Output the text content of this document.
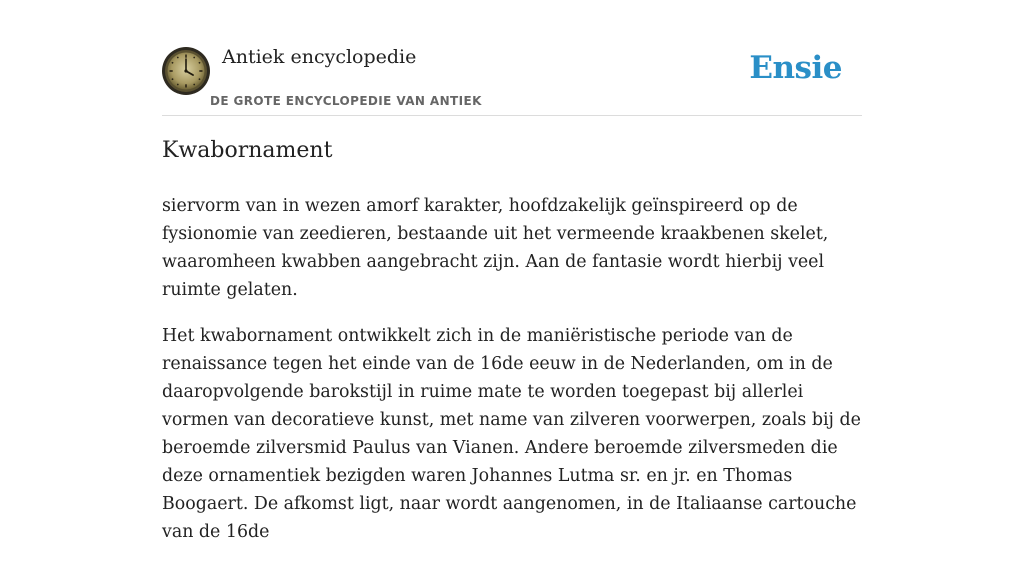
Antiek encyclopedie
DE GROTE ENCYCLOPEDIE VAN ANTIEK
Ensie
Kwabornament

siervorm van in wezen amorf karakter, hoofdzakelijk geïnspireerd op de fysionomie van zeedieren, bestaande uit het vermeende kraakbenen skelet, waaromheen kwabben aangebracht zijn. Aan de fantasie wordt hierbij veel ruimte gelaten.

Het kwabornament ontwikkelt zich in de maniëristische periode van de renaissance tegen het einde van de 16de eeuw in de Nederlanden, om in de daaropvolgende barokstijl in ruime mate te worden toegepast bij allerlei vormen van decoratieve kunst, met name van zilveren voorwerpen, zoals bij de beroemde zilversmid Paulus van Vianen. Andere beroemde zilversmeden die deze ornamentiek bezigden waren Johannes Lutma sr. en jr. en Thomas Boogaert. De afkomst ligt, naar wordt aangenomen, in de Italiaanse cartouche van de 16de
